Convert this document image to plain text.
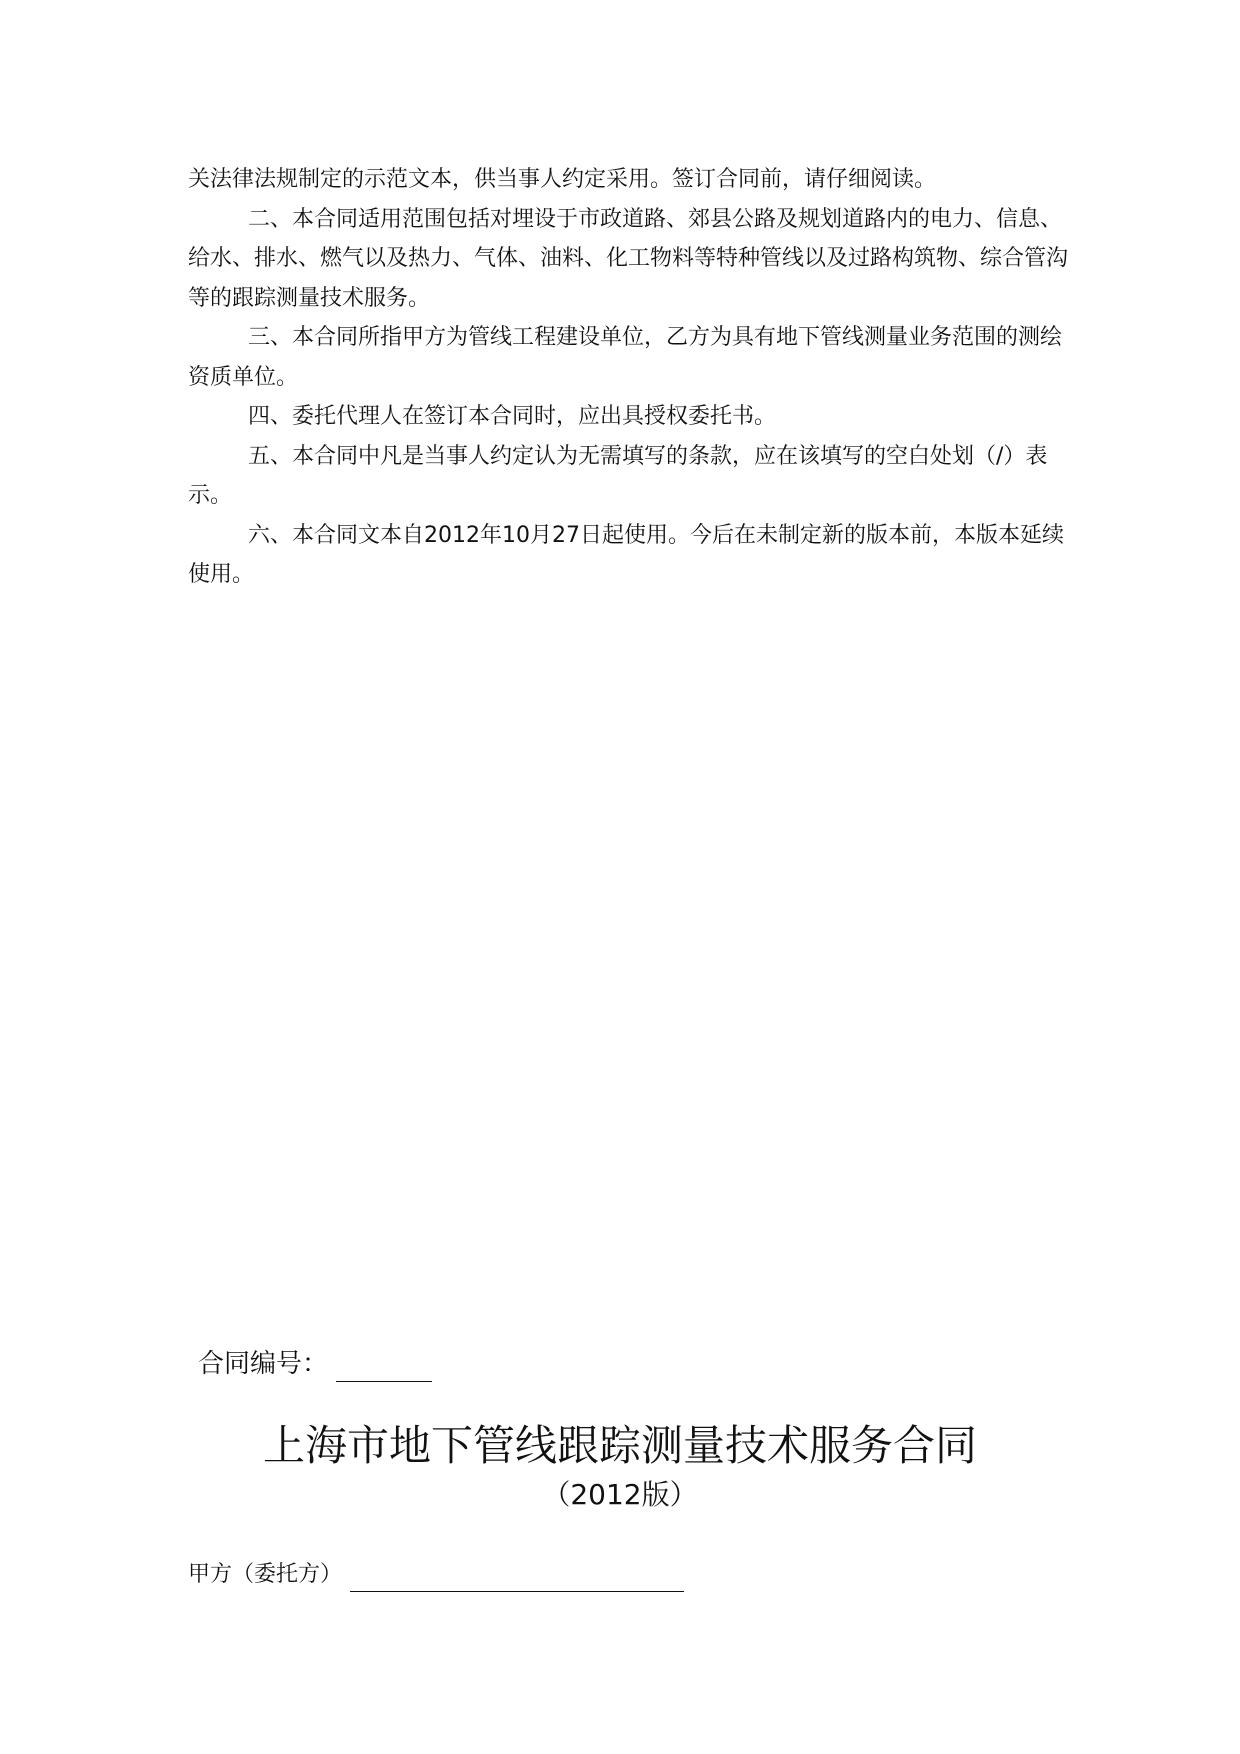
关法律法规制定的示范文本，供当事人约定采用。签订合同前，请仔细阅读。

二、本合同适用范围包括对埋设于市政道路、郊县公路及规划道路内的电力、信息、给水、排水、燃气以及热力、气体、油料、化工物料等特种管线以及过路构筑物、综合管沟等的跟踪测量技术服务。

三、本合同所指甲方为管线工程建设单位，乙方为具有地下管线测量业务范围的测绘资质单位。

四、委托代理人在签订本合同时，应出具授权委托书。

五、本合同中凡是当事人约定认为无需填写的条款，应在该填写的空白处划（/）表示。

六、本合同文本自2012年10月27日起使用。今后在未制定新的版本前，本版本延续使用。

合同编号：
上海市地下管线跟踪测量技术服务合同
（2012版）
甲方（委托方）
